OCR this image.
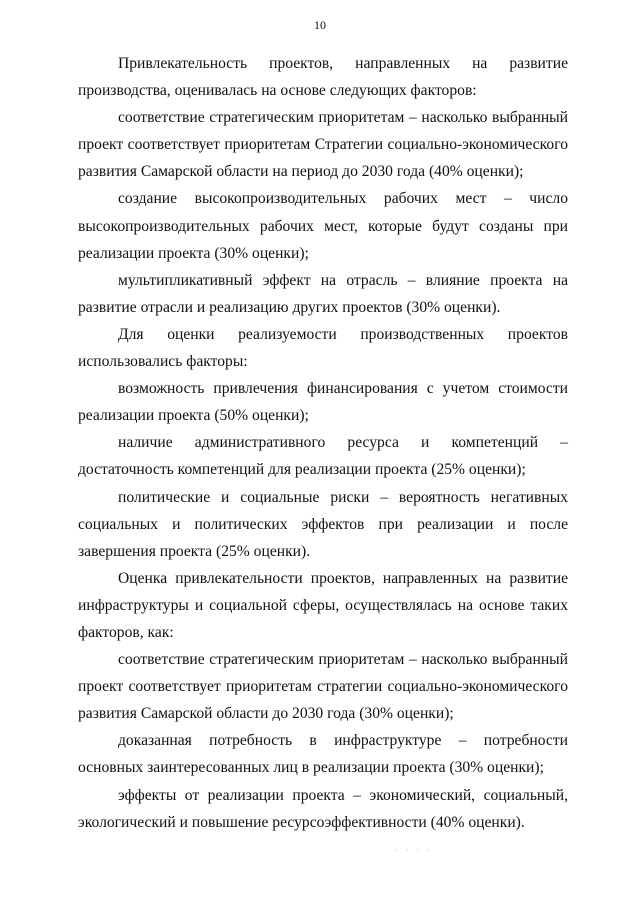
10

Привлекательность проектов, направленных на развитие производства, оценивалась на основе следующих факторов:

соответствие стратегическим приоритетам – насколько выбранный проект соответствует приоритетам Стратегии социально-экономического развития Самарской области на период до 2030 года (40% оценки);

создание высокопроизводительных рабочих мест – число высокопроизводительных рабочих мест, которые будут созданы при реализации проекта (30% оценки);

мультипликативный эффект на отрасль – влияние проекта на развитие отрасли и реализацию других проектов (30% оценки).

Для оценки реализуемости производственных проектов использовались факторы:

возможность привлечения финансирования с учетом стоимости реализации проекта (50% оценки);

наличие административного ресурса и компетенций – достаточность компетенций для реализации проекта (25% оценки);

политические и социальные риски – вероятность негативных социальных и политических эффектов при реализации и после завершения проекта (25% оценки).

Оценка привлекательности проектов, направленных на развитие инфраструктуры и социальной сферы, осуществлялась на основе таких факторов, как:

соответствие стратегическим приоритетам – насколько выбранный проект соответствует приоритетам стратегии социально-экономического развития Самарской области до 2030 года (30% оценки);

доказанная потребность в инфраструктуре – потребности основных заинтересованных лиц в реализации проекта (30% оценки);

эффекты от реализации проекта – экономический, социальный, экологический и повышение ресурсоэффективности (40% оценки).

· · · ·
